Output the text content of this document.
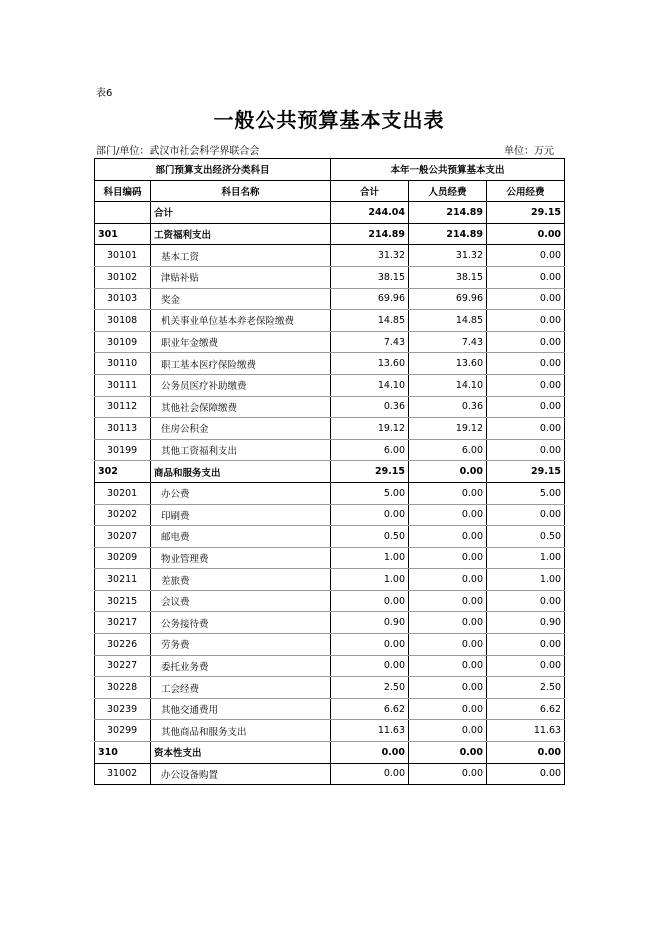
表6
一般公共预算基本支出表
部门/单位：武汉市社会科学界联合会	单位：万元
部门预算支出经济分类科目		本年一般公共预算基本支出		
科目编码	科目名称	合计	人员经费	公用经费
	合计	244.04	214.89	29.15
301	工资福利支出	214.89	214.89	0.00
30101	基本工资	31.32	31.32	0.00
30102	津贴补贴	38.15	38.15	0.00
30103	奖金	69.96	69.96	0.00
30108	机关事业单位基本养老保险缴费	14.85	14.85	0.00
30109	职业年金缴费	7.43	7.43	0.00
30110	职工基本医疗保险缴费	13.60	13.60	0.00
30111	公务员医疗补助缴费	14.10	14.10	0.00
30112	其他社会保障缴费	0.36	0.36	0.00
30113	住房公积金	19.12	19.12	0.00
30199	其他工资福利支出	6.00	6.00	0.00
302	商品和服务支出	29.15	0.00	29.15
30201	办公费	5.00	0.00	5.00
30202	印刷费	0.00	0.00	0.00
30207	邮电费	0.50	0.00	0.50
30209	物业管理费	1.00	0.00	1.00
30211	差旅费	1.00	0.00	1.00
30215	会议费	0.00	0.00	0.00
30217	公务接待费	0.90	0.00	0.90
30226	劳务费	0.00	0.00	0.00
30227	委托业务费	0.00	0.00	0.00
30228	工会经费	2.50	0.00	2.50
30239	其他交通费用	6.62	0.00	6.62
30299	其他商品和服务支出	11.63	0.00	11.63
310	资本性支出	0.00	0.00	0.00
31002	办公设备购置	0.00	0.00	0.00
